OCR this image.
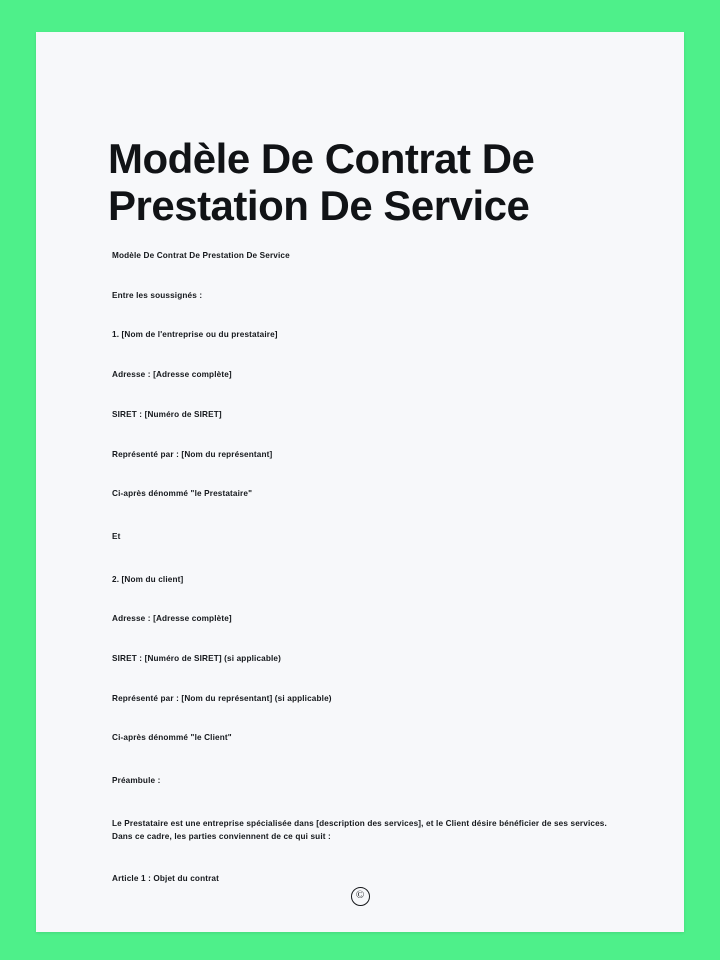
Modèle De Contrat De Prestation De Service

Modèle De Contrat De Prestation De Service

Entre les soussignés :

1. [Nom de l'entreprise ou du prestataire]

Adresse : [Adresse complète]

SIRET : [Numéro de SIRET]

Représenté par : [Nom du représentant]

Ci-après dénommé "le Prestataire"

Et

2. [Nom du client]

Adresse : [Adresse complète]

SIRET : [Numéro de SIRET] (si applicable)

Représenté par : [Nom du représentant] (si applicable)

Ci-après dénommé "le Client"

Préambule :

Le Prestataire est une entreprise spécialisée dans [description des services], et le Client désire bénéficier de ses services. Dans ce cadre, les parties conviennent de ce qui suit :

Article 1 : Objet du contrat

©
